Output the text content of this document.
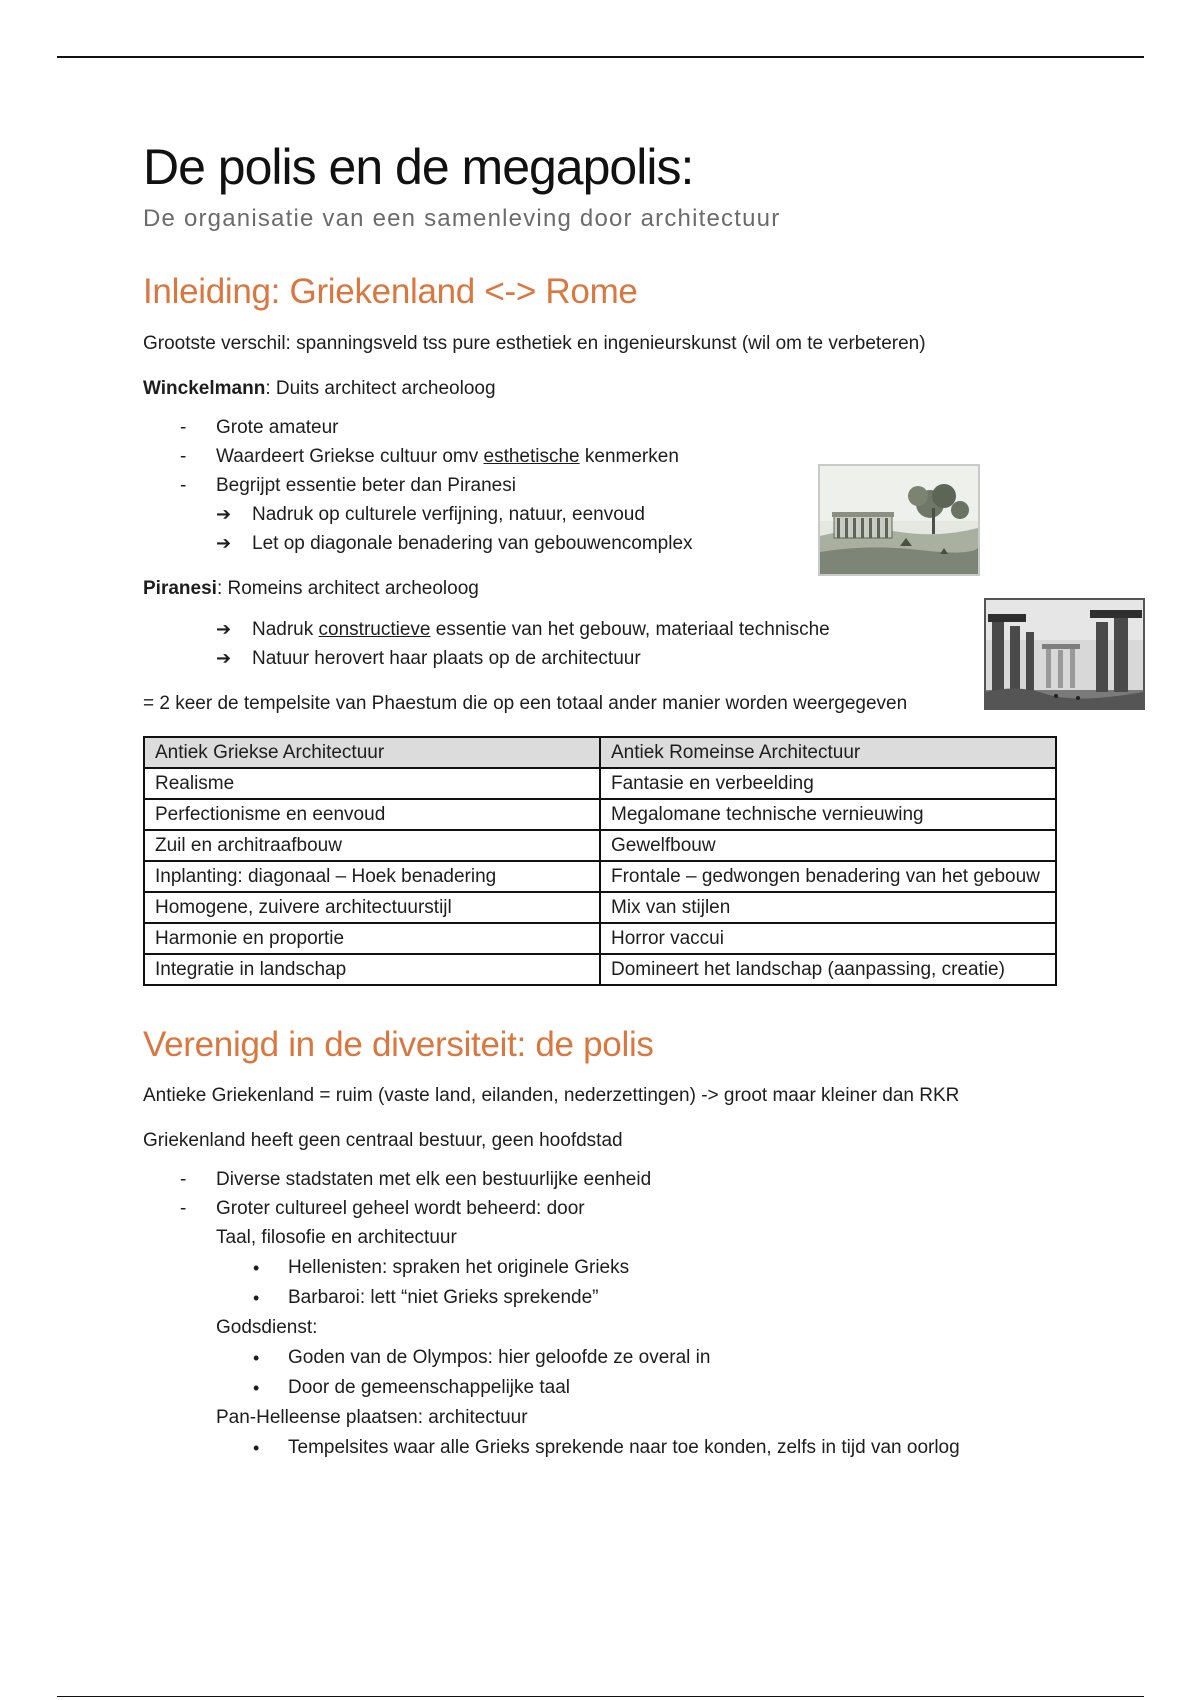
De polis en de megapolis:
De organisatie van een samenleving door architectuur
Inleiding: Griekenland <-> Rome

Grootste verschil: spanningsveld tss pure esthetiek en ingenieurskunst (wil om te verbeteren)

Winckelmann: Duits architect archeoloog

- Grote amateur
- Waardeert Griekse cultuur omv esthetische kenmerken
- Begrijpt essentie beter dan Piranesi
➔ Nadruk op culturele verfijning, natuur, eenvoud
➔ Let op diagonale benadering van gebouwencomplex

Piranesi: Romeins architect archeoloog

➔ Nadruk constructieve essentie van het gebouw, materiaal technische
➔ Natuur herovert haar plaats op de architectuur

= 2 keer de tempelsite van Phaestum die op een totaal ander manier worden weergegeven

Antiek Griekse Architectuur	Antiek Romeinse Architectuur
Realisme	Fantasie en verbeelding
Perfectionisme en eenvoud	Megalomane technische vernieuwing
Zuil en architraafbouw	Gewelfbouw
Inplanting: diagonaal – Hoek benadering	Frontale – gedwongen benadering van het gebouw
Homogene, zuivere architectuurstijl	Mix van stijlen
Harmonie en proportie	Horror vaccui
Integratie in landschap	Domineert het landschap (aanpassing, creatie)
Verenigd in de diversiteit: de polis

Antieke Griekenland = ruim (vaste land, eilanden, nederzettingen) -> groot maar kleiner dan RKR

Griekenland heeft geen centraal bestuur, geen hoofdstad

- Diverse stadstaten met elk een bestuurlijke eenheid
- Groter cultureel geheel wordt beheerd: door
Taal, filosofie en architectuur
• Hellenisten: spraken het originele Grieks
• Barbaroi: lett “niet Grieks sprekende”
Godsdienst:
• Goden van de Olympos: hier geloofde ze overal in
• Door de gemeenschappelijke taal
Pan-Helleense plaatsen: architectuur
• Tempelsites waar alle Grieks sprekende naar toe konden, zelfs in tijd van oorlog
